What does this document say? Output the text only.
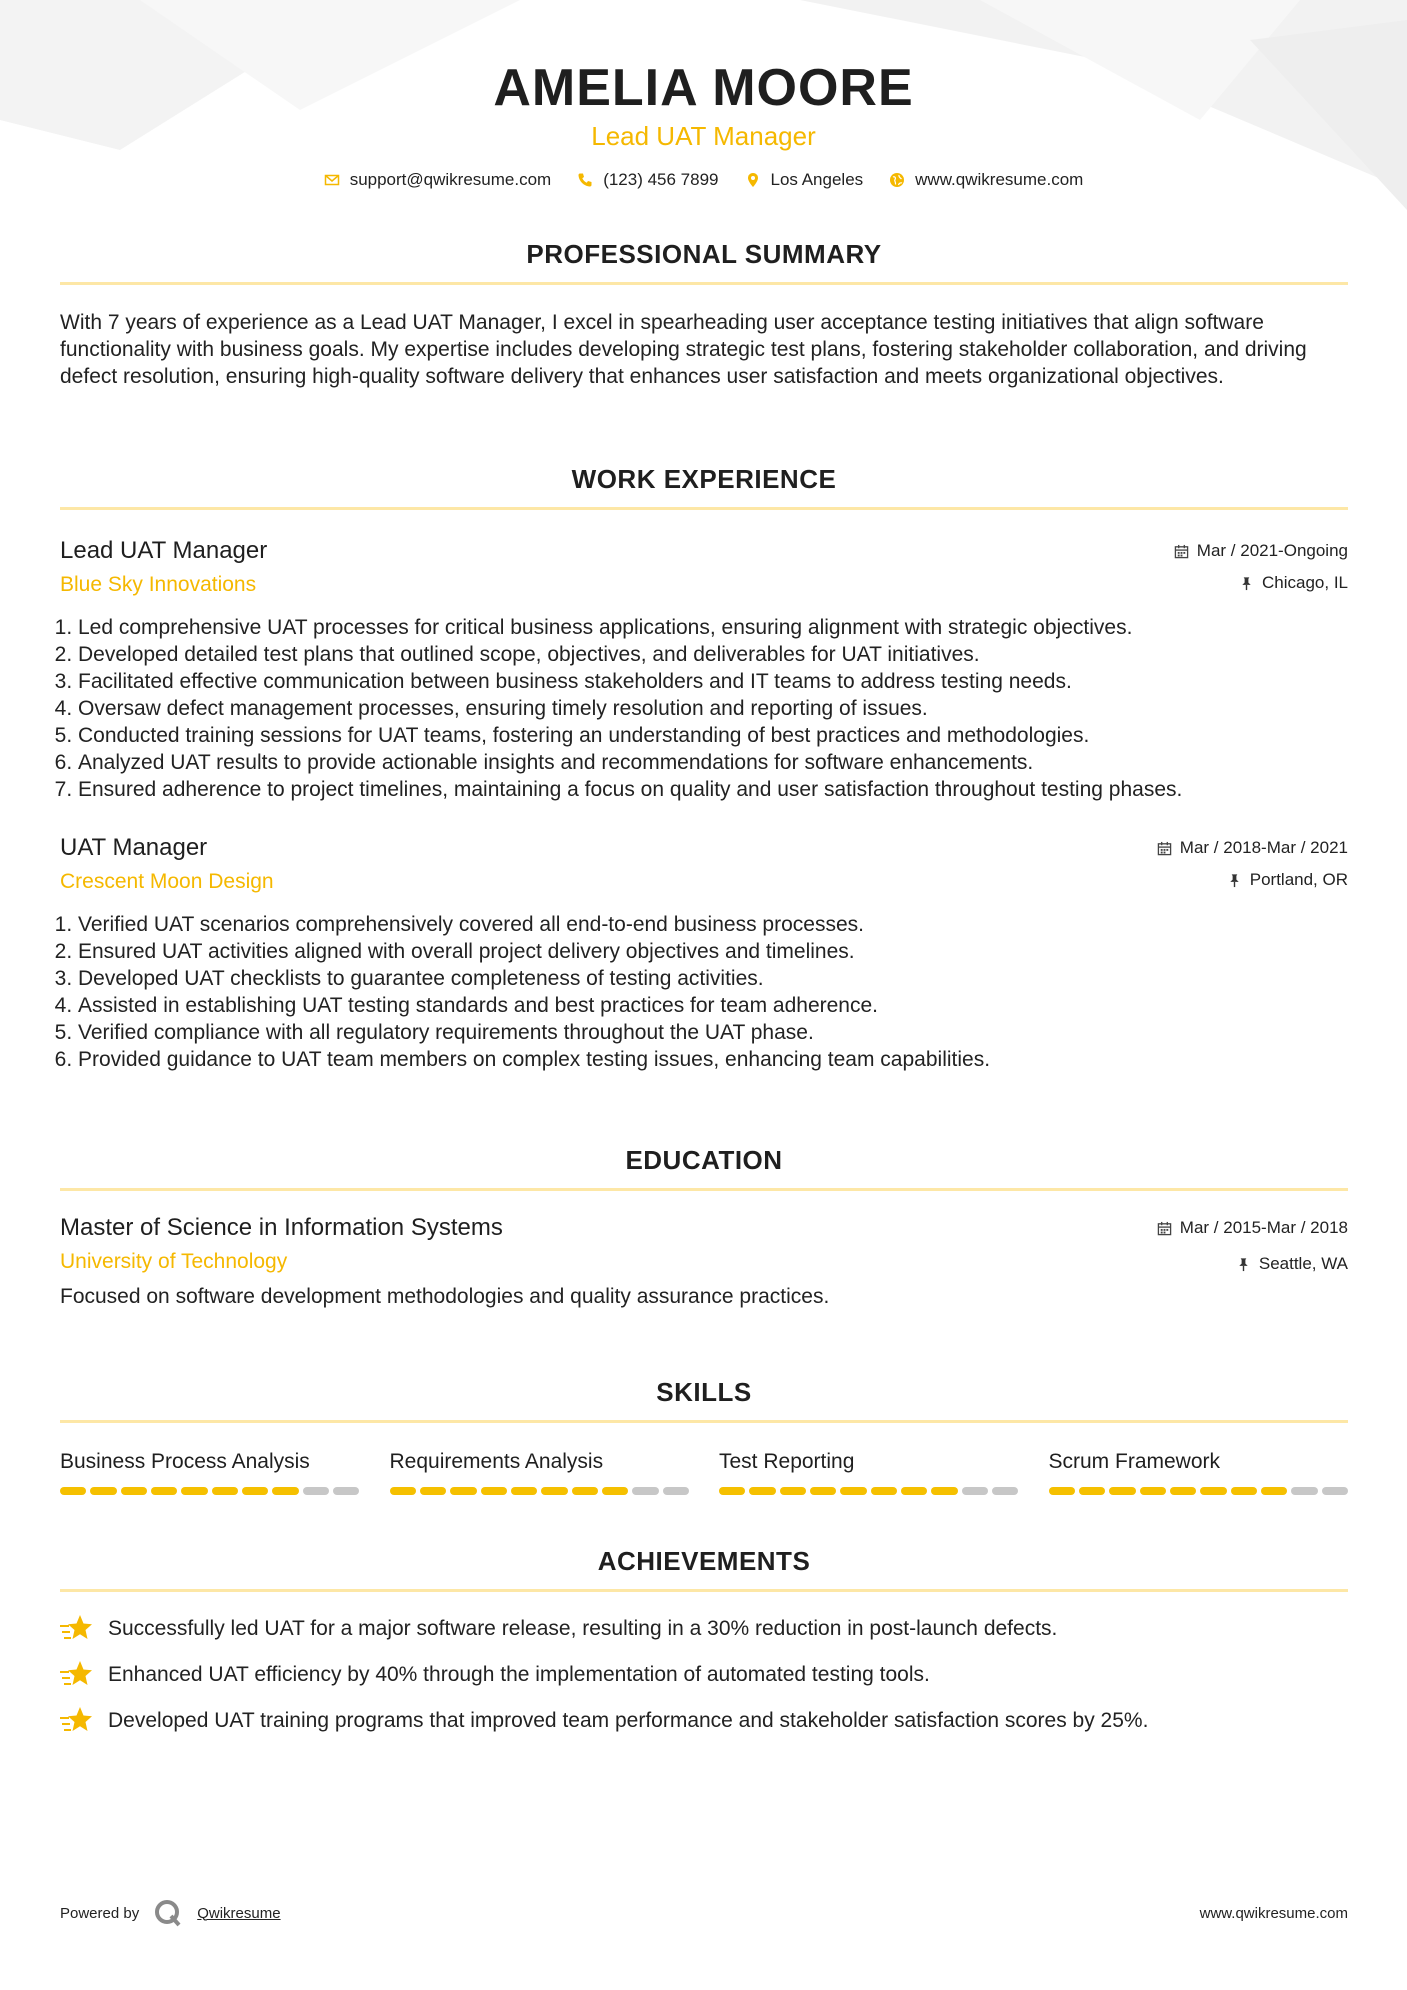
AMELIA MOORE
Lead UAT Manager
support@qwikresume.com	(123) 456 7899	Los Angeles	www.qwikresume.com
PROFESSIONAL SUMMARY
With 7 years of experience as a Lead UAT Manager, I excel in spearheading user acceptance testing initiatives that align software functionality with business goals. My expertise includes developing strategic test plans, fostering stakeholder collaboration, and driving defect resolution, ensuring high-quality software delivery that enhances user satisfaction and meets organizational objectives.
WORK EXPERIENCE
Lead UAT Manager
Blue Sky Innovations
Mar / 2021-Ongoing
Chicago, IL
1. Led comprehensive UAT processes for critical business applications, ensuring alignment with strategic objectives.
2. Developed detailed test plans that outlined scope, objectives, and deliverables for UAT initiatives.
3. Facilitated effective communication between business stakeholders and IT teams to address testing needs.
4. Oversaw defect management processes, ensuring timely resolution and reporting of issues.
5. Conducted training sessions for UAT teams, fostering an understanding of best practices and methodologies.
6. Analyzed UAT results to provide actionable insights and recommendations for software enhancements.
7. Ensured adherence to project timelines, maintaining a focus on quality and user satisfaction throughout testing phases.
UAT Manager
Crescent Moon Design
Mar / 2018-Mar / 2021
Portland, OR
1. Verified UAT scenarios comprehensively covered all end-to-end business processes.
2. Ensured UAT activities aligned with overall project delivery objectives and timelines.
3. Developed UAT checklists to guarantee completeness of testing activities.
4. Assisted in establishing UAT testing standards and best practices for team adherence.
5. Verified compliance with all regulatory requirements throughout the UAT phase.
6. Provided guidance to UAT team members on complex testing issues, enhancing team capabilities.
EDUCATION
Master of Science in Information Systems
University of Technology
Mar / 2015-Mar / 2018
Seattle, WA
Focused on software development methodologies and quality assurance practices.
SKILLS
Business Process Analysis	Requirements Analysis	Test Reporting	Scrum Framework
ACHIEVEMENTS
Successfully led UAT for a major software release, resulting in a 30% reduction in post-launch defects.
Enhanced UAT efficiency by 40% through the implementation of automated testing tools.
Developed UAT training programs that improved team performance and stakeholder satisfaction scores by 25%.
Powered by	Qwikresume	www.qwikresume.com
